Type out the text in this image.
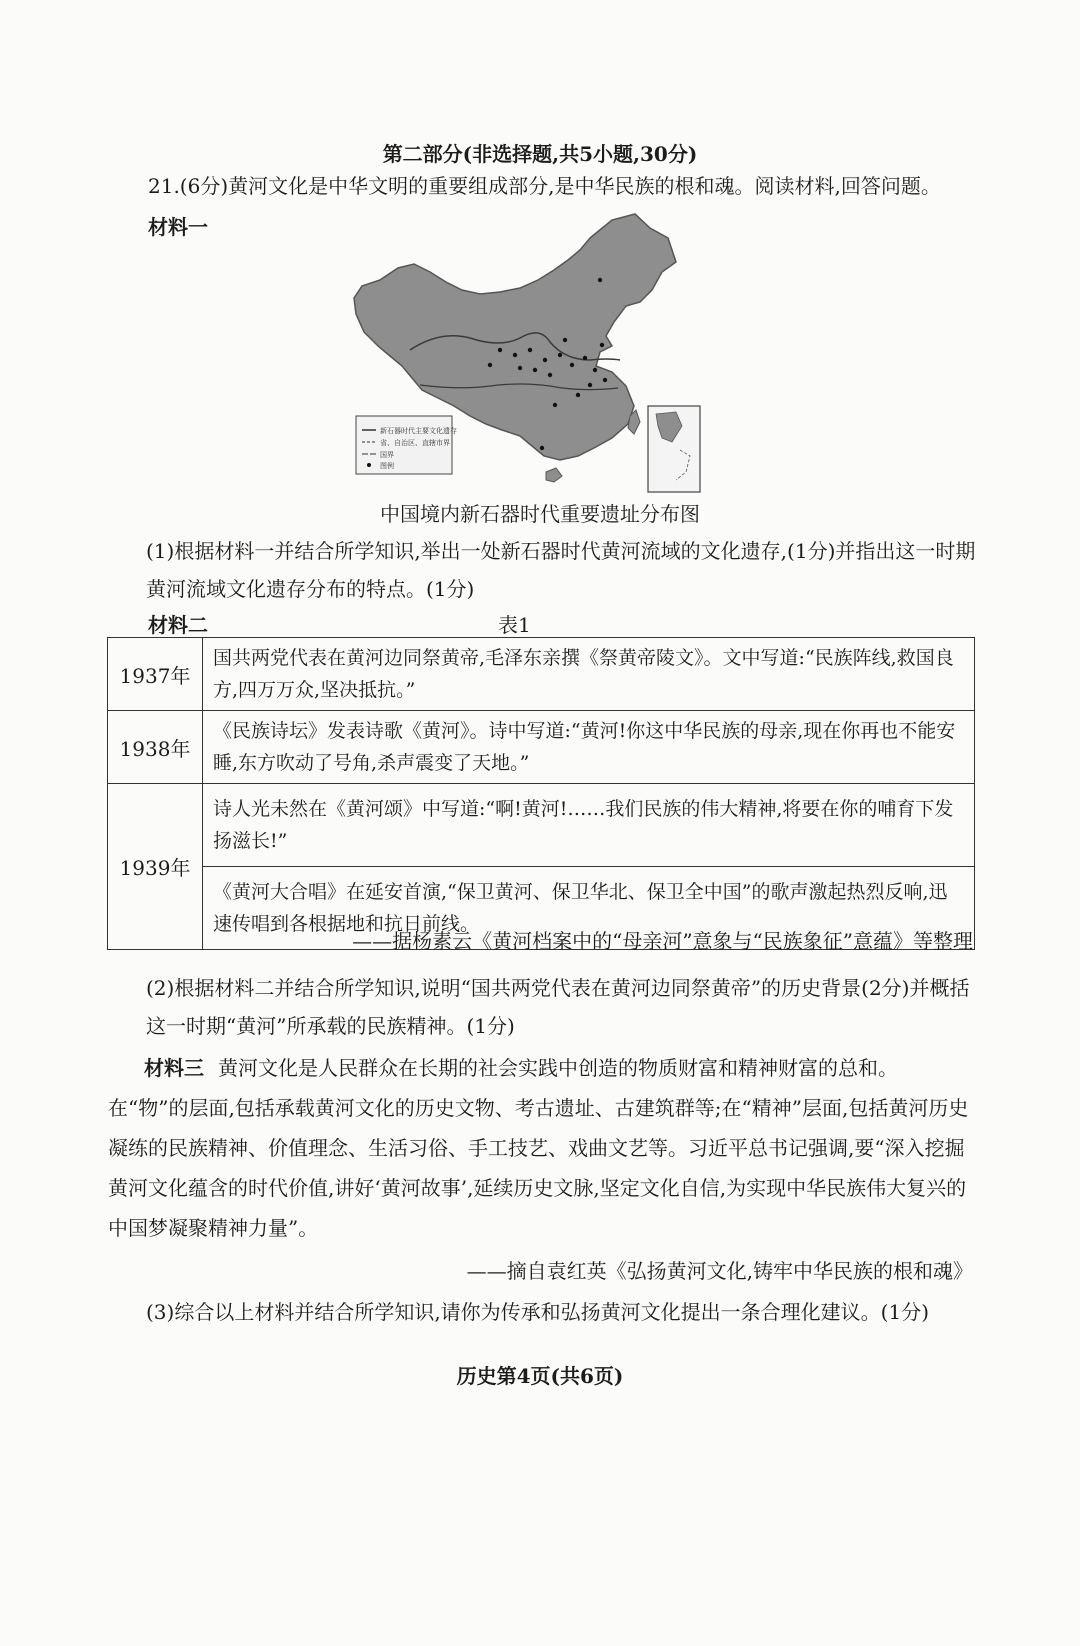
第二部分(非选择题,共5小题,30分)
21.(6分)黄河文化是中华文明的重要组成部分,是中华民族的根和魂。阅读材料,回答问题。
材料一
新石器时代主要文化遗存
省、自治区、直辖市界
国界
图例
中国境内新石器时代重要遗址分布图
(1)根据材料一并结合所学知识,举出一处新石器时代黄河流域的文化遗存,(1分)并指出这一时期黄河流域文化遗存分布的特点。(1分)
材料二	表1
1937年	国共两党代表在黄河边同祭黄帝,毛泽东亲撰《祭黄帝陵文》。文中写道:“民族阵线,救国良方,四万万众,坚决抵抗。”
1938年	《民族诗坛》发表诗歌《黄河》。诗中写道:“黄河!你这中华民族的母亲,现在你再也不能安睡,东方吹动了号角,杀声震变了天地。”
1939年	诗人光未然在《黄河颂》中写道:“啊!黄河!……我们民族的伟大精神,将要在你的哺育下发扬滋长!”
	《黄河大合唱》在延安首演,“保卫黄河、保卫华北、保卫全中国”的歌声激起热烈反响,迅速传唱到各根据地和抗日前线。
——据杨素云《黄河档案中的“母亲河”意象与“民族象征”意蕴》等整理
(2)根据材料二并结合所学知识,说明“国共两党代表在黄河边同祭黄帝”的历史背景(2分)并概括这一时期“黄河”所承载的民族精神。(1分)
材料三 黄河文化是人民群众在长期的社会实践中创造的物质财富和精神财富的总和。在“物”的层面,包括承载黄河文化的历史文物、考古遗址、古建筑群等;在“精神”层面,包括黄河历史凝练的民族精神、价值理念、生活习俗、手工技艺、戏曲文艺等。习近平总书记强调,要“深入挖掘黄河文化蕴含的时代价值,讲好‘黄河故事’,延续历史文脉,坚定文化自信,为实现中华民族伟大复兴的中国梦凝聚精神力量”。
——摘自袁红英《弘扬黄河文化,铸牢中华民族的根和魂》
(3)综合以上材料并结合所学知识,请你为传承和弘扬黄河文化提出一条合理化建议。(1分)
历史第4页(共6页)
